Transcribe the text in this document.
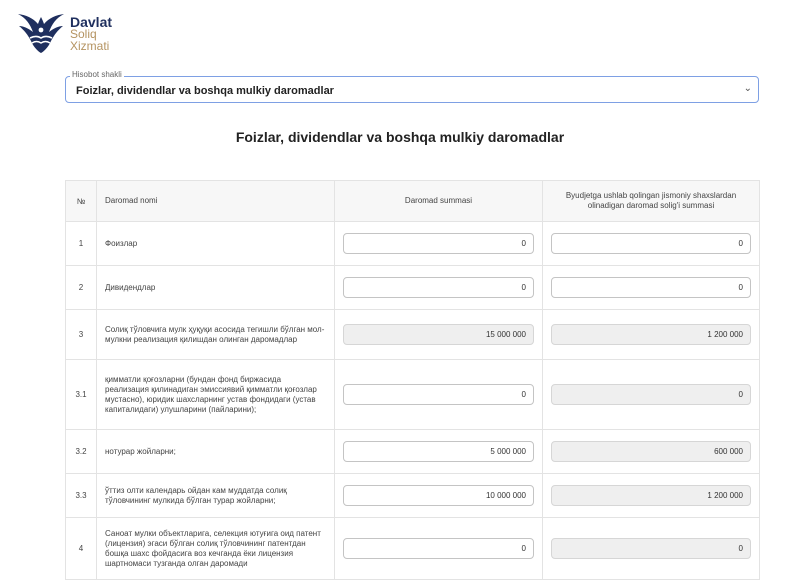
Davlat
Soliq
Xizmati
Hisobot shakli
Foizlar, dividendlar va boshqa mulkiy daromadlar	⌄
Foizlar, dividendlar va boshqa mulkiy daromadlar
№	Daromad nomi	Daromad summasi	Byudjetga ushlab qolingan jismoniy shaxslardan olinadigan daromad solig'i summasi
1	Фоизлар	0	0

2	Дивидендлар	0	0

3	Солиқ тўловчига мулк ҳуқуқи асосида тегишли бўлган мол-мулкни реализация қилишдан олинган даромадлар	15 000 000	1 200 000

3.1	қимматли қоғозларни (бундан фонд биржасида реализация қилинадиган эмиссиявий қимматли қоғозлар мустасно), юридик шахсларнинг устав фондидаги (устав капиталидаги) улушларини (пайларини);	0	0

3.2	нотурар жойларни;	5 000 000	600 000

3.3	ўттиз олти календарь ойдан кам муддатда солиқ тўловчининг мулкида бўлган турар жойларни;	10 000 000	1 200 000

4	Саноат мулки объектларига, селекция ютуғига оид патент (лицензия) эгаси бўлган солиқ тўловчининг патентдан бошқа шахс фойдасига воз кечганда ёки лицензия шартномаси тузганда олган даромади	0	0
